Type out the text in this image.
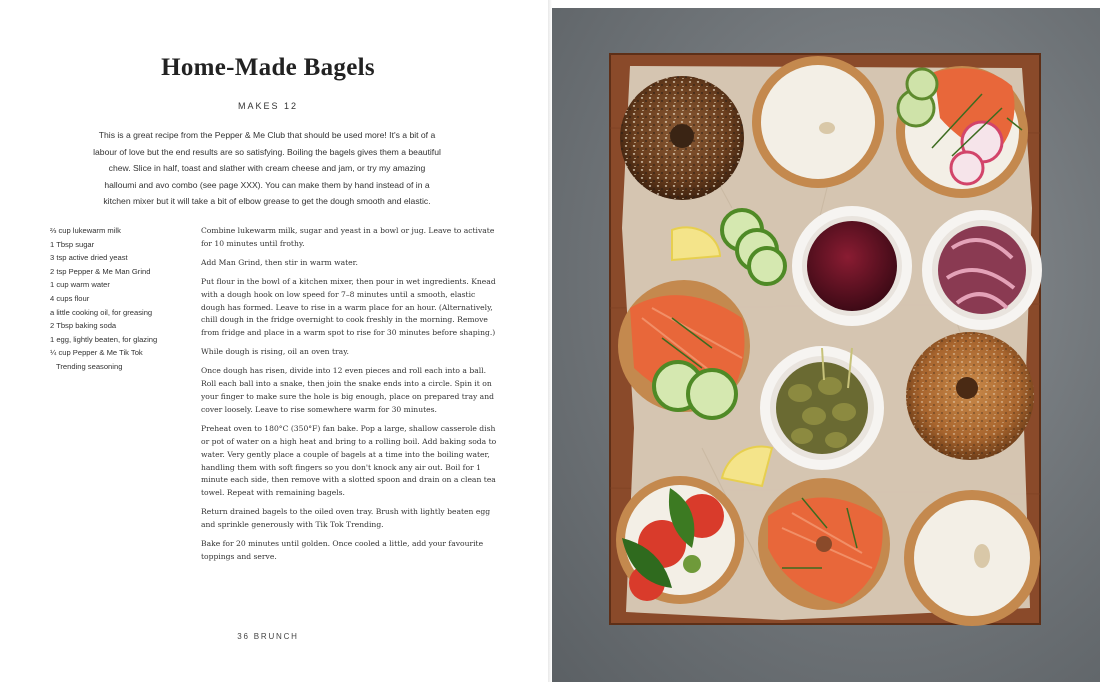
Home-Made Bagels
MAKES 12
This is a great recipe from the Pepper & Me Club that should be used more! It's a bit of a
labour of love but the end results are so satisfying. Boiling the bagels gives them a beautiful
chew. Slice in half, toast and slather with cream cheese and jam, or try my amazing
halloumi and avo combo (see page XXX). You can make them by hand instead of in a
kitchen mixer but it will take a bit of elbow grease to get the dough smooth and elastic.
⅔ cup lukewarm milk
1 Tbsp sugar
3 tsp active dried yeast
2 tsp Pepper & Me Man Grind
1 cup warm water
4 cups flour
a little cooking oil, for greasing
2 Tbsp baking soda
1 egg, lightly beaten, for glazing
¼ cup Pepper & Me Tik Tok
Trending seasoning

Combine lukewarm milk, sugar and yeast in a bowl or jug. Leave to activate for 10 minutes until frothy.

Add Man Grind, then stir in warm water.

Put flour in the bowl of a kitchen mixer, then pour in wet ingredients. Knead with a dough hook on low speed for 7–8 minutes until a smooth, elastic dough has formed. Leave to rise in a warm place for an hour. (Alternatively, chill dough in the fridge overnight to cook freshly in the morning. Remove from fridge and place in a warm spot to rise for 30 minutes before shaping.)

While dough is rising, oil an oven tray.

Once dough has risen, divide into 12 even pieces and roll each into a ball. Roll each ball into a snake, then join the snake ends into a circle. Spin it on your finger to make sure the hole is big enough, place on prepared tray and cover loosely. Leave to rise somewhere warm for 30 minutes.

Preheat oven to 180°C (350°F) fan bake. Pop a large, shallow casserole dish or pot of water on a high heat and bring to a rolling boil. Add baking soda to water. Very gently place a couple of bagels at a time into the boiling water, handling them with soft fingers so you don't knock any air out. Boil for 1 minute each side, then remove with a slotted spoon and drain on a clean tea towel. Repeat with remaining bagels.

Return drained bagels to the oiled oven tray. Brush with lightly beaten egg and sprinkle generously with Tik Tok Trending.

Bake for 20 minutes until golden. Once cooled a little, add your favourite toppings and serve.

36 BRUNCH
